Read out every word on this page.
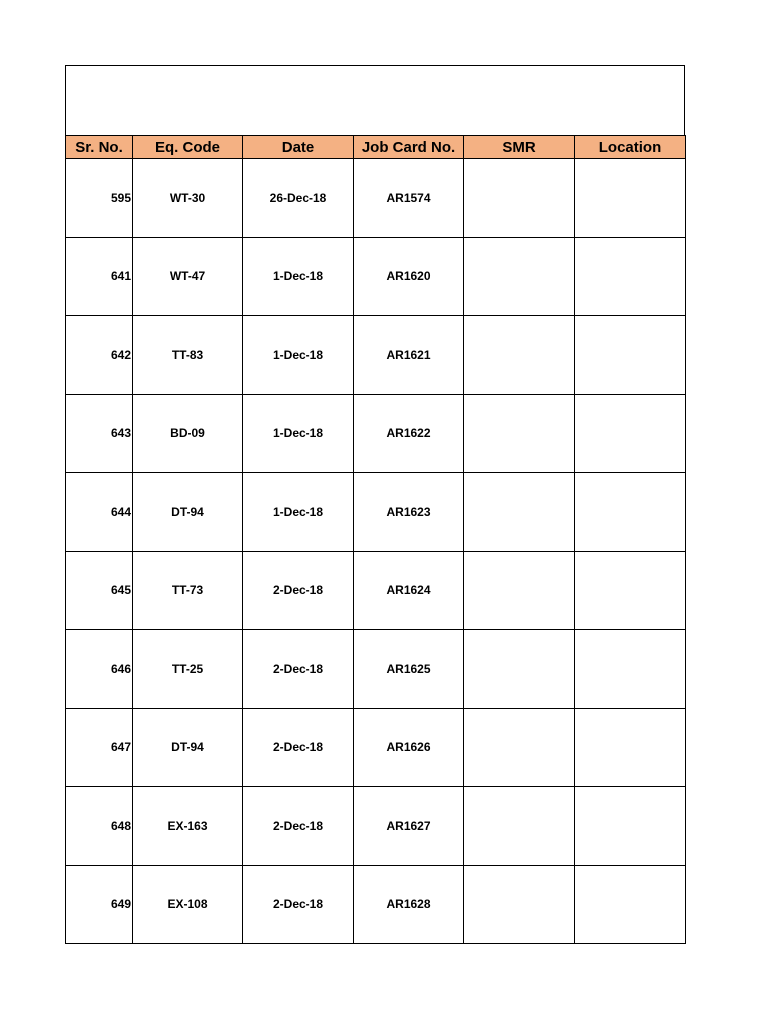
Sr. No.	Eq. Code	Date	Job Card No.	SMR	Location
595	WT-30	26-Dec-18	AR1574		
641	WT-47	1-Dec-18	AR1620		
642	TT-83	1-Dec-18	AR1621		
643	BD-09	1-Dec-18	AR1622		
644	DT-94	1-Dec-18	AR1623		
645	TT-73	2-Dec-18	AR1624		
646	TT-25	2-Dec-18	AR1625		
647	DT-94	2-Dec-18	AR1626		
648	EX-163	2-Dec-18	AR1627		
649	EX-108	2-Dec-18	AR1628		
